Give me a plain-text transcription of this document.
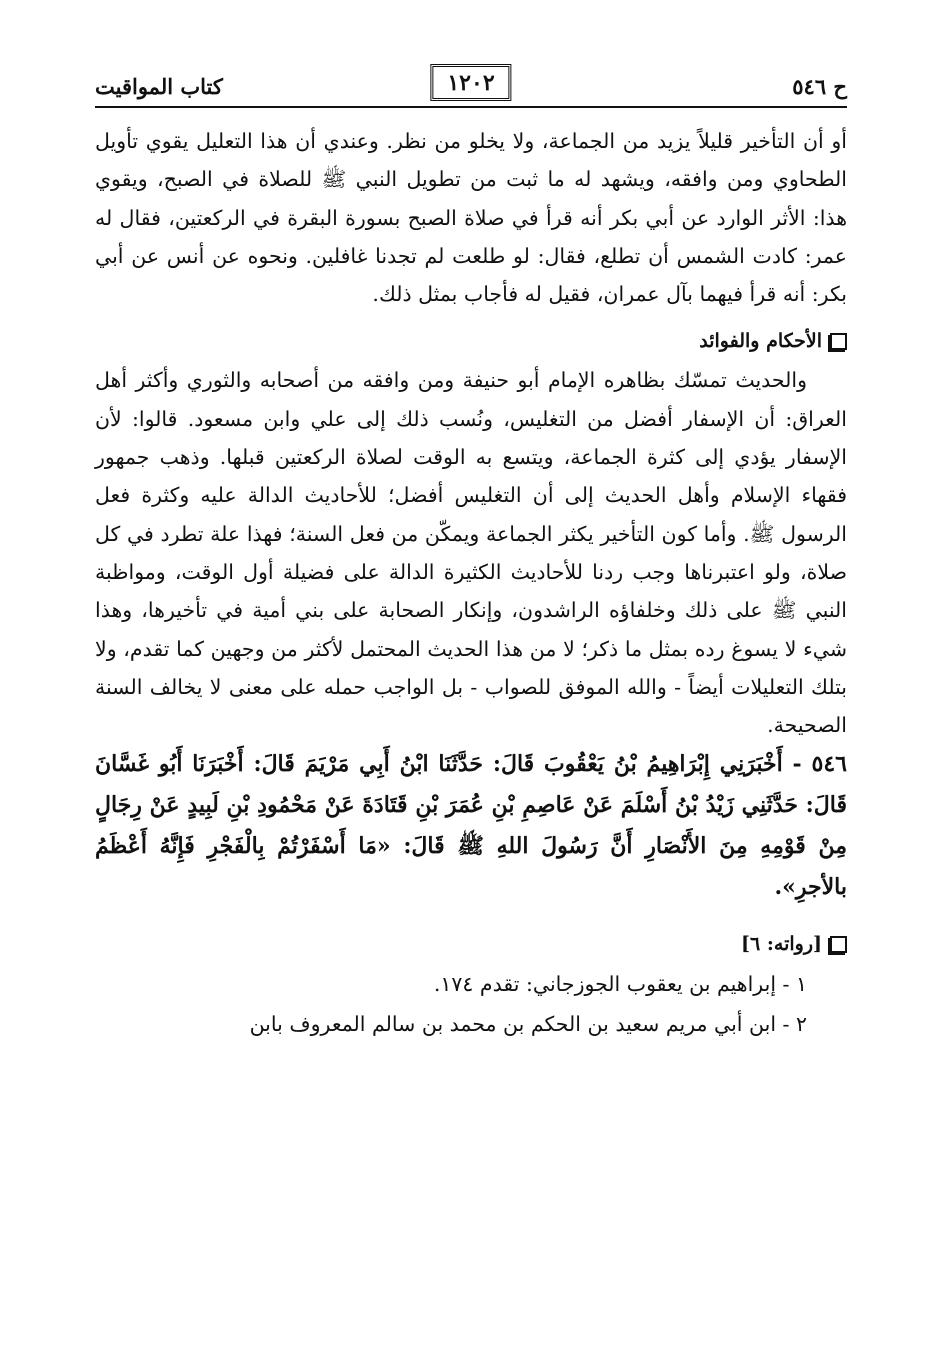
ح ٥٤٦
١٢٠٢
كتاب المواقيت

أو أن التأخير قليلاً يزيد من الجماعة، ولا يخلو من نظر. وعندي أن هذا التعليل يقوي تأويل الطحاوي ومن وافقه، ويشهد له ما ثبت من تطويل النبي ﷺ للصلاة في الصبح، ويقوي هذا: الأثر الوارد عن أبي بكر أنه قرأ في صلاة الصبح بسورة البقرة في الركعتين، فقال له عمر: كادت الشمس أن تطلع، فقال: لو طلعت لم تجدنا غافلين. ونحوه عن أنس عن أبي بكر: أنه قرأ فيهما بآل عمران، فقيل له فأجاب بمثل ذلك.

الأحكام والفوائد

والحديث تمسّك بظاهره الإمام أبو حنيفة ومن وافقه من أصحابه والثوري وأكثر أهل العراق: أن الإسفار أفضل من التغليس، ونُسب ذلك إلى علي وابن مسعود. قالوا: لأن الإسفار يؤدي إلى كثرة الجماعة، ويتسع به الوقت لصلاة الركعتين قبلها. وذهب جمهور فقهاء الإسلام وأهل الحديث إلى أن التغليس أفضل؛ للأحاديث الدالة عليه وكثرة فعل الرسول ﷺ. وأما كون التأخير يكثر الجماعة ويمكّن من فعل السنة؛ فهذا علة تطرد في كل صلاة، ولو اعتبرناها وجب ردنا للأحاديث الكثيرة الدالة على فضيلة أول الوقت، ومواظبة النبي ﷺ على ذلك وخلفاؤه الراشدون، وإنكار الصحابة على بني أمية في تأخيرها، وهذا شيء لا يسوغ رده بمثل ما ذكر؛ لا من هذا الحديث المحتمل لأكثر من وجهين كما تقدم، ولا بتلك التعليلات أيضاً - والله الموفق للصواب - بل الواجب حمله على معنى لا يخالف السنة الصحيحة.

٥٤٦ - أَخْبَرَنِي إِبْرَاهِيمُ بْنُ يَعْقُوبَ قَالَ: حَدَّثَنَا ابْنُ أَبِي مَرْيَمَ قَالَ: أَخْبَرَنَا أَبُو غَسَّانَ قَالَ: حَدَّثَنِي زَيْدُ بْنُ أَسْلَمَ عَنْ عَاصِمِ بْنِ عُمَرَ بْنِ قَتَادَةَ عَنْ مَحْمُودِ بْنِ لَبِيدٍ عَنْ رِجَالٍ مِنْ قَوْمِهِ مِنَ الأَنْصَارِ أَنَّ رَسُولَ اللهِ ﷺ قَالَ: «مَا أَسْفَرْتُمْ بِالْفَجْرِ فَإِنَّهُ أَعْظَمُ بالأجرِ».

[رواته: ٦]

١ - إبراهيم بن يعقوب الجوزجاني: تقدم ١٧٤.

٢ - ابن أبي مريم سعيد بن الحكم بن محمد بن سالم المعروف بابن
